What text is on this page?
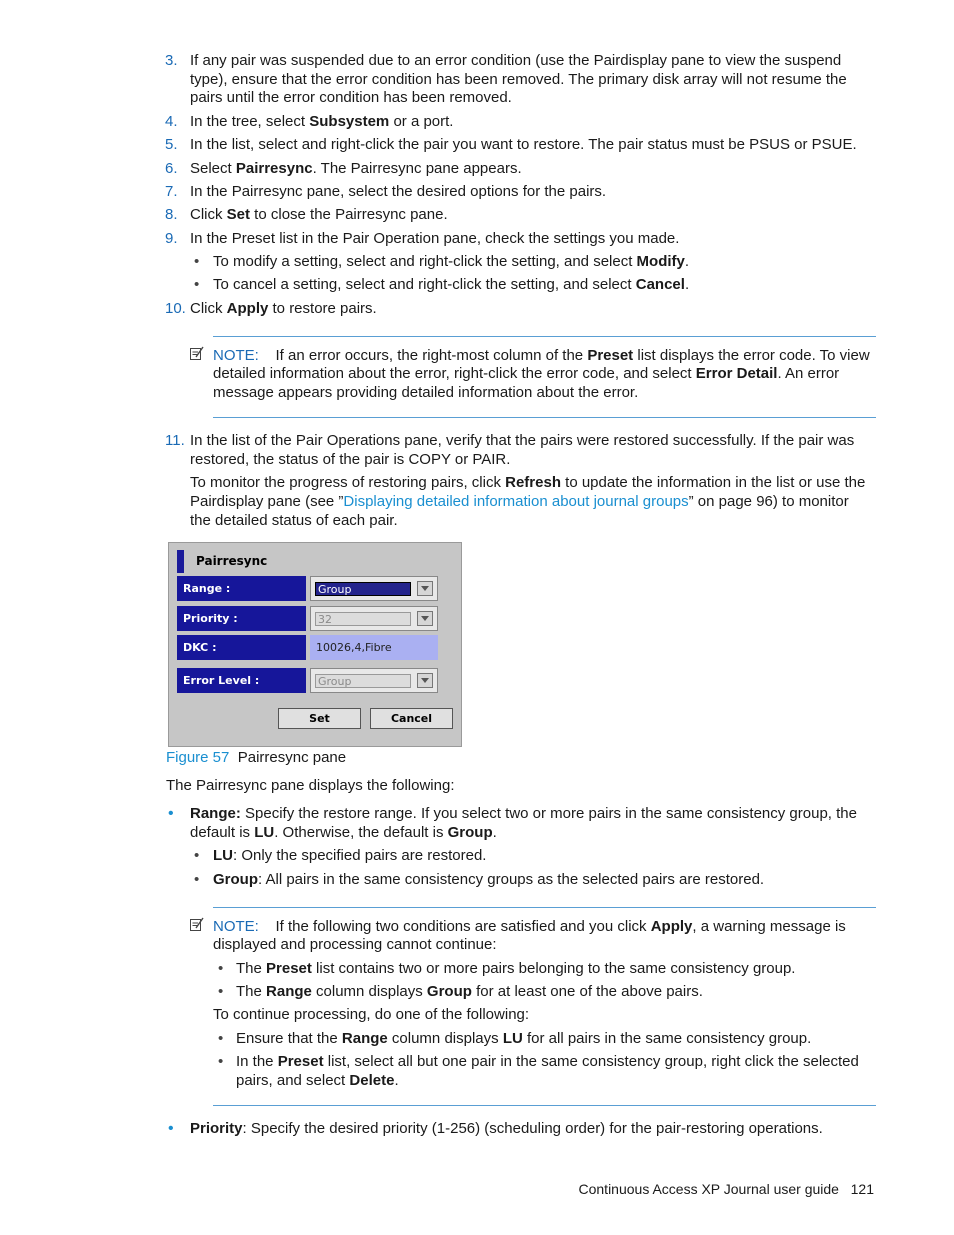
3. If any pair was suspended due to an error condition (use the Pairdisplay pane to view the suspend
type), ensure that the error condition has been removed. The primary disk array will not resume the
pairs until the error condition has been removed.
4. In the tree, select Subsystem or a port.
5. In the list, select and right-click the pair you want to restore. The pair status must be PSUS or PSUE.
6. Select Pairresync. The Pairresync pane appears.
7. In the Pairresync pane, select the desired options for the pairs.
8. Click Set to close the Pairresync pane.
9. In the Preset list in the Pair Operation pane, check the settings you made.
• To modify a setting, select and right-click the setting, and select Modify.
• To cancel a setting, select and right-click the setting, and select Cancel.
10. Click Apply to restore pairs.
NOTE: If an error occurs, the right-most column of the Preset list displays the error code. To view
detailed information about the error, right-click the error code, and select Error Detail. An error
message appears providing detailed information about the error.
11. In the list of the Pair Operations pane, verify that the pairs were restored successfully. If the pair was
restored, the status of the pair is COPY or PAIR.
To monitor the progress of restoring pairs, click Refresh to update the information in the list or use the
Pairdisplay pane (see ”Displaying detailed information about journal groups” on page 96) to monitor
the detailed status of each pair.
Pairresync
Range :	Group
Priority :	32
DKC :	10026,4,Fibre
Error Level :	Group
Set	Cancel
Figure 57 Pairresync pane
The Pairresync pane displays the following:
• Range: Specify the restore range. If you select two or more pairs in the same consistency group, the
default is LU. Otherwise, the default is Group.
• LU: Only the specified pairs are restored.
• Group: All pairs in the same consistency groups as the selected pairs are restored.
NOTE: If the following two conditions are satisfied and you click Apply, a warning message is
displayed and processing cannot continue:
• The Preset list contains two or more pairs belonging to the same consistency group.
• The Range column displays Group for at least one of the above pairs.
To continue processing, do one of the following:
• Ensure that the Range column displays LU for all pairs in the same consistency group.
• In the Preset list, select all but one pair in the same consistency group, right click the selected
pairs, and select Delete.
• Priority: Specify the desired priority (1-256) (scheduling order) for the pair-restoring operations.
Continuous Access XP Journal user guide 121
